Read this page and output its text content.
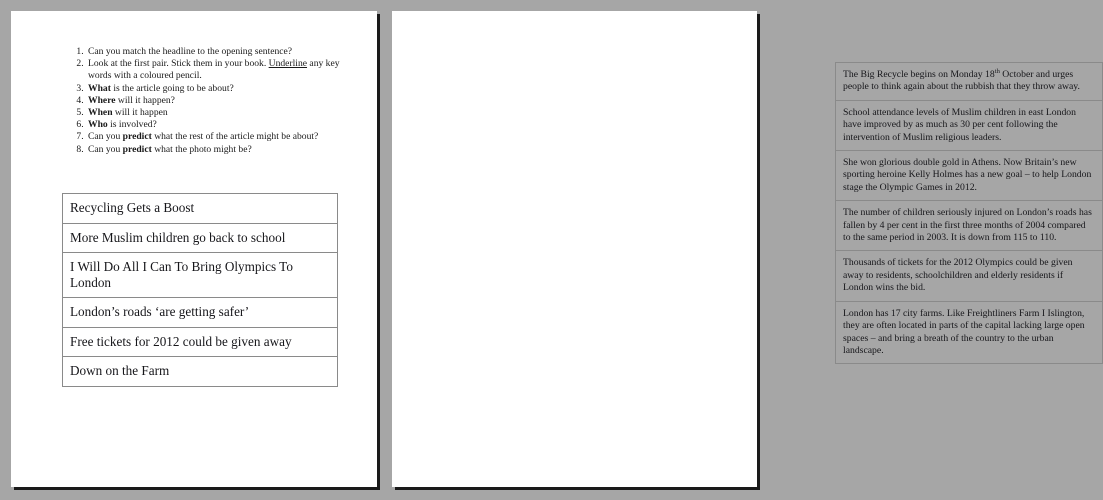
1. Can you match the headline to the opening sentence?
2. Look at the first pair. Stick them in your book. Underline any key words with a coloured pencil.
3. What is the article going to be about?
4. Where will it happen?
5. When will it happen
6. Who is involved?
7. Can you predict what the rest of the article might be about?
8. Can you predict what the photo might be?
Recycling Gets a Boost
More Muslim children go back to school
I Will Do All I Can To Bring Olympics To London
London’s roads ‘are getting safer’
Free tickets for 2012 could be given away
Down on the Farm
The Big Recycle begins on Monday 18th October and urges people to think again about the rubbish that they throw away.
School attendance levels of Muslim children in east London have improved by as much as 30 per cent following the intervention of Muslim religious leaders.
She won glorious double gold in Athens. Now Britain’s new sporting heroine Kelly Holmes has a new goal – to help London stage the Olympic Games in 2012.
The number of children seriously injured on London’s roads has fallen by 4 per cent in the first three months of 2004 compared to the same period in 2003. It is down from 115 to 110.
Thousands of tickets for the 2012 Olympics could be given away to residents, schoolchildren and elderly residents if London wins the bid.
London has 17 city farms. Like Freightliners Farm I Islington, they are often located in parts of the capital lacking large open spaces – and bring a breath of the country to the urban landscape.
